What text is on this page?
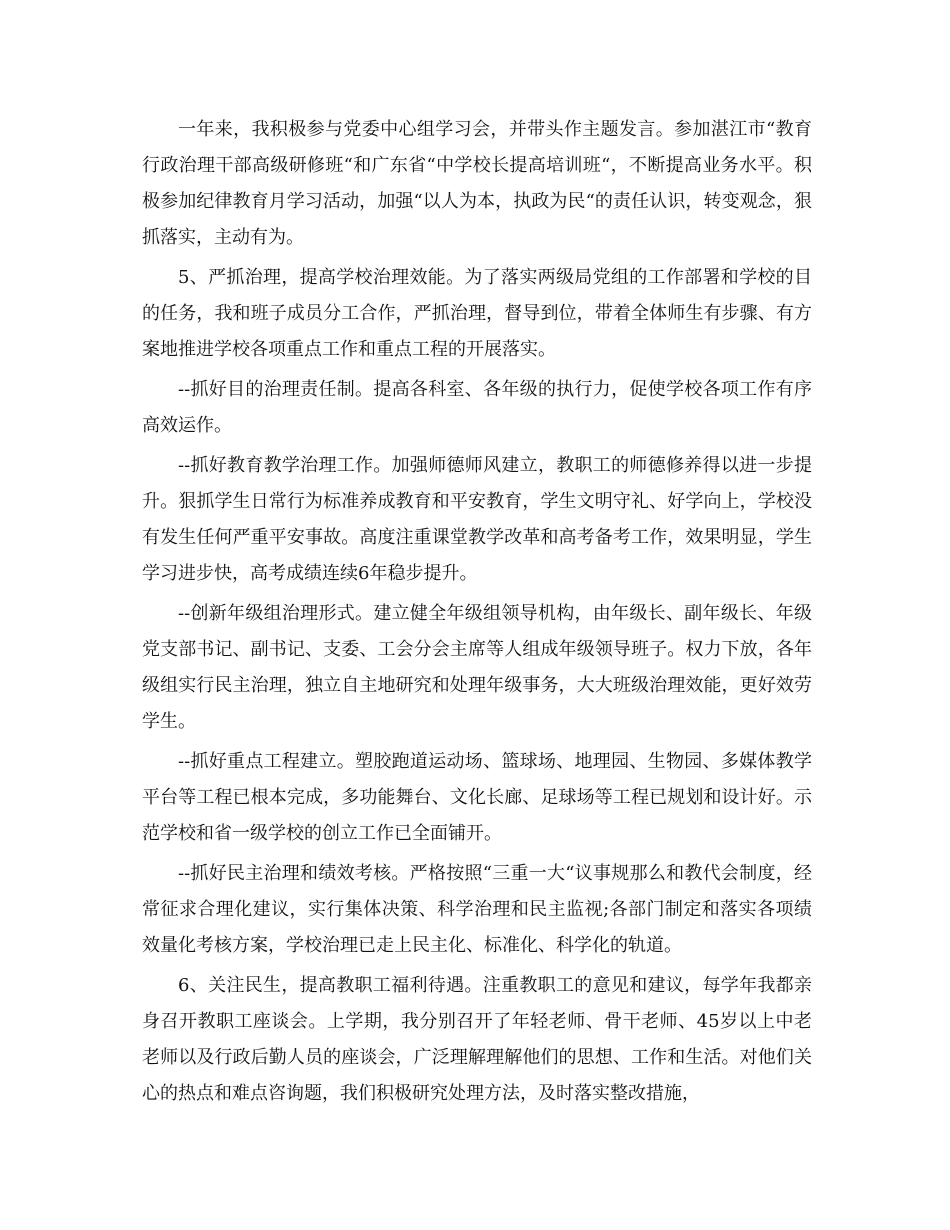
一年来，我积极参与党委中心组学习会，并带头作主题发言。参加湛江市“教育行政治理干部高级研修班“和广东省“中学校长提高培训班“，不断提高业务水平。积极参加纪律教育月学习活动，加强“以人为本，执政为民“的责任认识，转变观念，狠抓落实，主动有为。

5、严抓治理，提高学校治理效能。为了落实两级局党组的工作部署和学校的目的任务，我和班子成员分工合作，严抓治理，督导到位，带着全体师生有步骤、有方案地推进学校各项重点工作和重点工程的开展落实。

--抓好目的治理责任制。提高各科室、各年级的执行力，促使学校各项工作有序高效运作。

--抓好教育教学治理工作。加强师德师风建立，教职工的师德修养得以进一步提升。狠抓学生日常行为标准养成教育和平安教育，学生文明守礼、好学向上，学校没有发生任何严重平安事故。高度注重课堂教学改革和高考备考工作，效果明显，学生学习进步快，高考成绩连续6年稳步提升。

--创新年级组治理形式。建立健全年级组领导机构，由年级长、副年级长、年级党支部书记、副书记、支委、工会分会主席等人组成年级领导班子。权力下放，各年级组实行民主治理，独立自主地研究和处理年级事务，大大班级治理效能，更好效劳学生。

--抓好重点工程建立。塑胶跑道运动场、篮球场、地理园、生物园、多媒体教学平台等工程已根本完成，多功能舞台、文化长廊、足球场等工程已规划和设计好。示范学校和省一级学校的创立工作已全面铺开。

--抓好民主治理和绩效考核。严格按照“三重一大“议事规那么和教代会制度，经常征求合理化建议，实行集体决策、科学治理和民主监视;各部门制定和落实各项绩效量化考核方案，学校治理已走上民主化、标准化、科学化的轨道。

6、关注民生，提高教职工福利待遇。注重教职工的意见和建议，每学年我都亲身召开教职工座谈会。上学期，我分别召开了年轻老师、骨干老师、45岁以上中老老师以及行政后勤人员的座谈会，广泛理解理解他们的思想、工作和生活。对他们关心的热点和难点咨询题，我们积极研究处理方法，及时落实整改措施，
